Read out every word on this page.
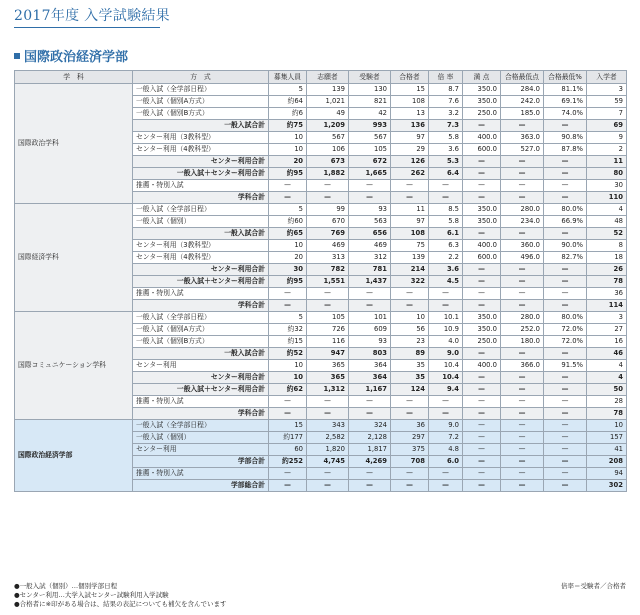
2017年度 入学試験結果
国際政治経済学部
学　科	方　式	募集人員	志願者	受験者	合格者	倍 率	満 点	合格最低点	合格最低%	入学者
国際政治学科	一般入試（全学部日程）	5	139	130	15	8.7	350.0	284.0	81.1%	3
	一般入試（個別A方式）	約64	1,021	821	108	7.6	350.0	242.0	69.1%	59
	一般入試（個別B方式）	約6	49	42	13	3.2	250.0	185.0	74.0%	7
	一般入試合計	約75	1,209	993	136	7.3	—	—	—	69
	センター利用（3教科型）	10	567	567	97	5.8	400.0	363.0	90.8%	9
	センター利用（4教科型）	10	106	105	29	3.6	600.0	527.0	87.8%	2
	センター利用合計	20	673	672	126	5.3	—	—	—	11
	一般入試＋センター利用合計	約95	1,882	1,665	262	6.4	—	—	—	80
	推薦・特別入試	—	—	—	—	—	—	—	—	30
	学科合計	—	—	—	—	—	—	—	—	110
国際経済学科	一般入試（全学部日程）	5	99	93	11	8.5	350.0	280.0	80.0%	4
	一般入試（個別）	約60	670	563	97	5.8	350.0	234.0	66.9%	48
	一般入試合計	約65	769	656	108	6.1	—	—	—	52
	センター利用（3教科型）	10	469	469	75	6.3	400.0	360.0	90.0%	8
	センター利用（4教科型）	20	313	312	139	2.2	600.0	496.0	82.7%	18
	センター利用合計	30	782	781	214	3.6	—	—	—	26
	一般入試＋センター利用合計	約95	1,551	1,437	322	4.5	—	—	—	78
	推薦・特別入試	—	—	—	—	—	—	—	—	36
	学科合計	—	—	—	—	—	—	—	—	114
国際コミュニケーション学科	一般入試（全学部日程）	5	105	101	10	10.1	350.0	280.0	80.0%	3
	一般入試（個別A方式）	約32	726	609	56	10.9	350.0	252.0	72.0%	27
	一般入試（個別B方式）	約15	116	93	23	4.0	250.0	180.0	72.0%	16
	一般入試合計	約52	947	803	89	9.0	—	—	—	46
	センター利用	10	365	364	35	10.4	400.0	366.0	91.5%	4
	センター利用合計	10	365	364	35	10.4	—	—	—	4
	一般入試＋センター利用合計	約62	1,312	1,167	124	9.4	—	—	—	50
	推薦・特別入試	—	—	—	—	—	—	—	—	28
	学科合計	—	—	—	—	—	—	—	—	78
国際政治経済学部	一般入試（全学部日程）	15	343	324	36	9.0	—	—	—	10
	一般入試（個別）	約177	2,582	2,128	297	7.2	—	—	—	157
	センター利用	60	1,820	1,817	375	4.8	—	—	—	41
	学部合計	約252	4,745	4,269	708	6.0	—	—	—	208
	推薦・特別入試	—	—	—	—	—	—	—	—	94
	学部総合計	—	—	—	—	—	—	—	—	302
●一般入試（個別）…個別学部日程
●センター利用…大学入試センター試験利用入学試験
●合格者に※印がある場合は、結果の表記についても補欠を含んでいます
倍率＝受験者／合格者
